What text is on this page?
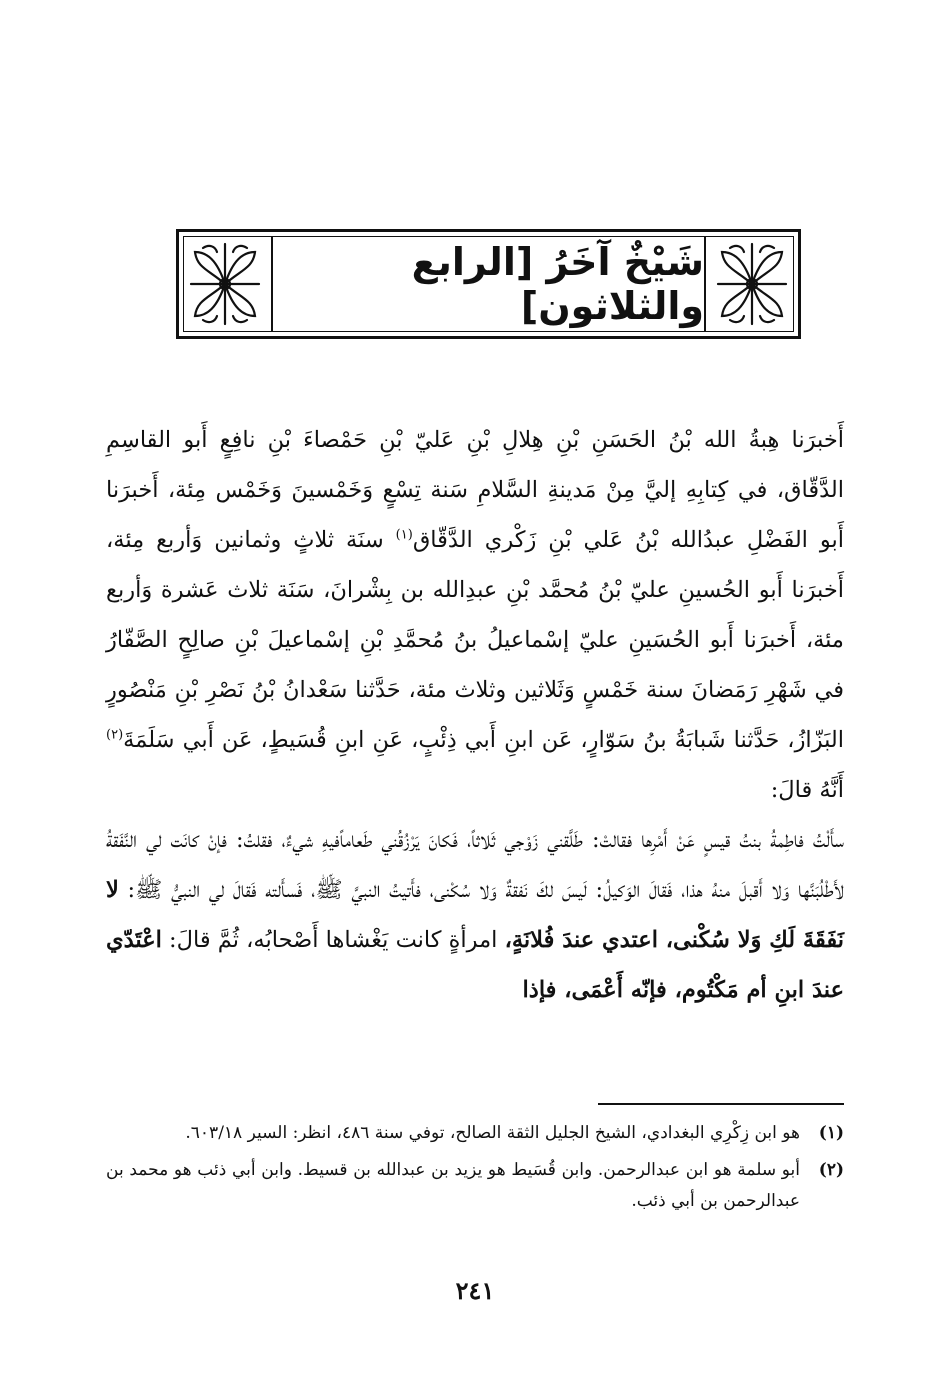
شَيْخٌ آخَرُ [الرابع والثلاثون]

أَخبرَنا هِبةُ الله بْنُ الحَسَنِ بْنِ هِلالِ بْنِ عَليّ بْنِ حَمْصاءَ بْنِ نافِعٍ أَبو القاسِمِ الدَّقّاق، في كِتابِهِ إليَّ مِنْ مَدينةِ السَّلامِ سَنة تِسْعٍ وَخَمْسينَ وَخَمْس مِئة، أَخبرَنا أَبو الفَضْلِ عبدُالله بْنُ عَلي بْنِ زَكْري الدَّقّاق$^{(١)}$ سنَة ثلاثٍ وثمانين وَأربع مِئة، أَخبرَنا أَبو الحُسينِ عليّ بْنُ مُحمَّد بْنِ عبدِالله بن بِشْرانَ، سَنَة ثلاث عَشرة وَأربع مئة، أَخبرَنا أَبو الحُسَينِ عليّ إسْماعيلُ بنُ مُحمَّدِ بْنِ إسْماعيلَ بْنِ صالِحٍ الصَّفّارُ في شَهْرِ رَمَضانَ سنة خَمْسٍ وَثَلاثين وثلاث مئة، حَدَّثنا سَعْدانُ بْنُ نَصْرِ بْنِ مَنْصُورٍ البَزّازُ، حَدَّثنا شَبابَةُ بنُ سَوّارٍ، عَن ابنِ أَبي ذِئْبٍ، عَنِ ابنِ قُسَيطٍ، عَن أَبي سَلَمَةَ$^{(٢)}$ أَنَّهُ قالَ:

سأَلْتُ فاطِمةُ بنتُ قيسٍ عَنْ أَمْرِها فقالتْ: طَلَّقني زَوْجي ثَلاثاً، فَكانَ يَرْزُقُني طَعاماًفيهِ شيءٌ، فقلتُ: فإنْ كانَت لي النَّفَقةُ لأَطْلُبَنَّها وَلا أَقبلَ منهُ هذا، فَقالَ الوَكيلُ: لَيسَ لكَ نَفقةٌ وَلا سُكْنى، فأَتيتُ النبيَّ ﷺ، فَسأَلته فَقالَ لي النبيُّ ﷺ: لا نَفَقَةَ لَكِ وَلا سُكْنى، اعتدي عندَ فُلانَةٍ، امرأةٍ كانت يَغْشاها أَصْحابُه، ثُمَّ قالَ: اعْتَدّي عندَ ابنِ أم مَكْتُوم، فإنّه أَعْمَى، فإذا

(١)
هو ابن زِكْرِي البغدادي، الشيخ الجليل الثقة الصالح، توفي سنة ٤٨٦، انظر: السير ٦٠٣/١٨.
(٢)
أبو سلمة هو ابن عبدالرحمن. وابن قُسَيط هو يزيد بن عبدالله بن قسيط. وابن أبي ذئب هو محمد بن عبدالرحمن بن أبي ذئب.
٢٤١
